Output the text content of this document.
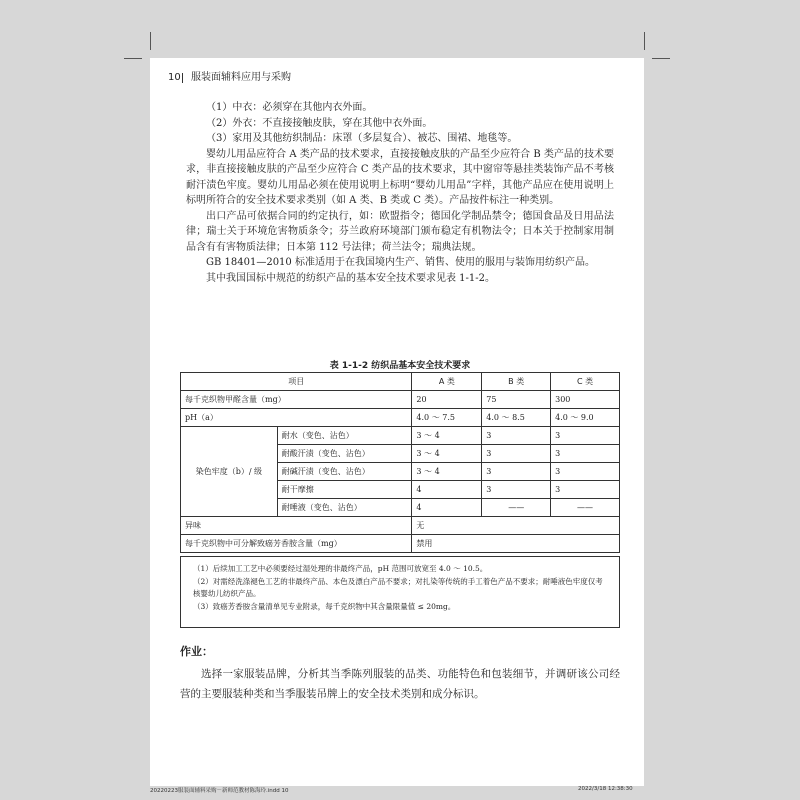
10 服装面辅料应用与采购

（1）中衣：必须穿在其他内衣外面。

（2）外衣：不直接接触皮肤，穿在其他中衣外面。

（3）家用及其他纺织制品：床罩（多层复合）、被芯、围裙、地毯等。

婴幼儿用品应符合 A 类产品的技术要求，直接接触皮肤的产品至少应符合 B 类产品的技术要求，非直接接触皮肤的产品至少应符合 C 类产品的技术要求，其中窗帘等悬挂类装饰产品不考核耐汗渍色牢度。婴幼儿用品必须在使用说明上标明“婴幼儿用品”字样，其他产品应在使用说明上标明所符合的安全技术要求类别（如 A 类、B 类或 C 类）。产品按件标注一种类别。

出口产品可依据合同的约定执行，如：欧盟指令；德国化学制品禁令；德国食品及日用品法律；瑞士关于环境危害物质条令；芬兰政府环境部门颁布稳定有机物法令；日本关于控制家用制品含有有害物质法律；日本第 112 号法律；荷兰法令；瑞典法规。

GB 18401—2010 标准适用于在我国境内生产、销售、使用的服用与装饰用纺织产品。

其中我国国标中规范的纺织产品的基本安全技术要求见表 1-1-2。

表 1-1-2 纺织品基本安全技术要求
项目		A 类	B 类	C 类
每千克织物甲醛含量（mg）		20	75	300
pH（a）		4.0 ～ 7.5	4.0 ～ 8.5	4.0 ～ 9.0
染色牢度（b）/ 级	耐水（变色、沾色）	3 ～ 4	3	3
	耐酸汗渍（变色、沾色）	3 ～ 4	3	3
	耐碱汗渍（变色、沾色）	3 ～ 4	3	3
	耐干摩擦	4	3	3
	耐唾液（变色、沾色）	4	——	——
异味		无		
每千克织物中可分解致癌芳香胺含量（mg）		禁用		
（1）后续加工工艺中必须要经过湿处理的非最终产品，pH 范围可放宽至 4.0 ～ 10.5。
（2）对需经洗涤褪色工艺的非最终产品、本色及漂白产品不要求；对扎染等传统的手工着色产品不要求；耐唾液色牢度仅考核婴幼儿纺织产品。
（3）致癌芳香胺含量清单见专业附录，每千克织物中其含量限量值 ≤ 20mg。
作业：
选择一家服装品牌，分析其当季陈列服装的品类、功能特色和包装细节，并调研该公司经营的主要服装种类和当季服装吊牌上的安全技术类别和成分标识。
20220223服装面辅料采购－新师范教材陈海玲.indd 10	2022/3/18 12:38:30
